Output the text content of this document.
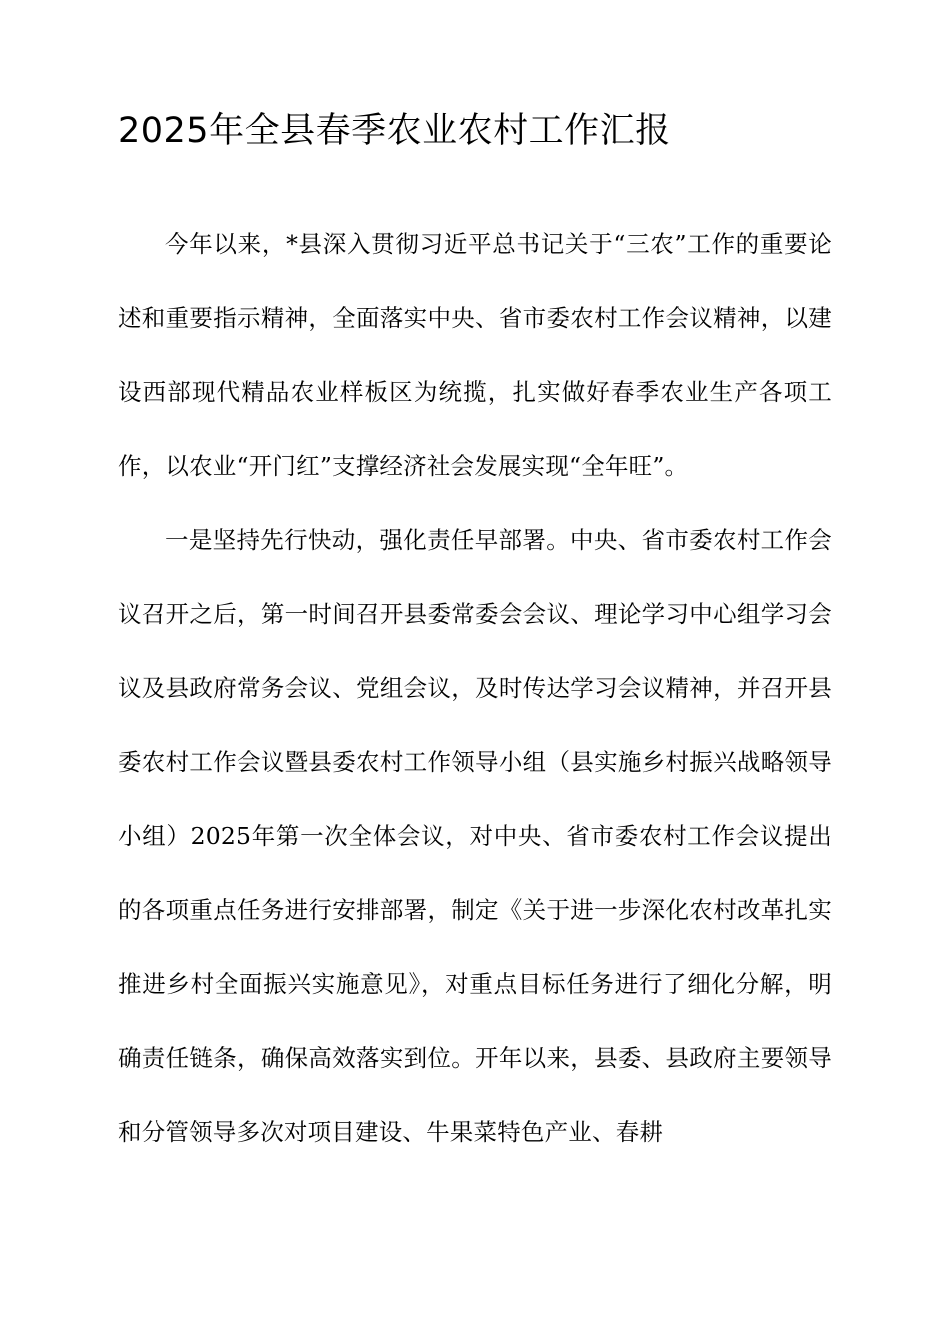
2025年全县春季农业农村工作汇报

今年以来，*县深入贯彻习近平总书记关于“三农”工作的重要论述和重要指示精神，全面落实中央、省市委农村工作会议精神，以建设西部现代精品农业样板区为统揽，扎实做好春季农业生产各项工作，以农业“开门红”支撑经济社会发展实现“全年旺”。

一是坚持先行快动，强化责任早部署。中央、省市委农村工作会议召开之后，第一时间召开县委常委会会议、理论学习中心组学习会议及县政府常务会议、党组会议，及时传达学习会议精神，并召开县委农村工作会议暨县委农村工作领导小组（县实施乡村振兴战略领导小组）2025年第一次全体会议，对中央、省市委农村工作会议提出的各项重点任务进行安排部署，制定《关于进一步深化农村改革扎实推进乡村全面振兴实施意见》，对重点目标任务进行了细化分解，明确责任链条，确保高效落实到位。开年以来，县委、县政府主要领导和分管领导多次对项目建设、牛果菜特色产业、春耕
